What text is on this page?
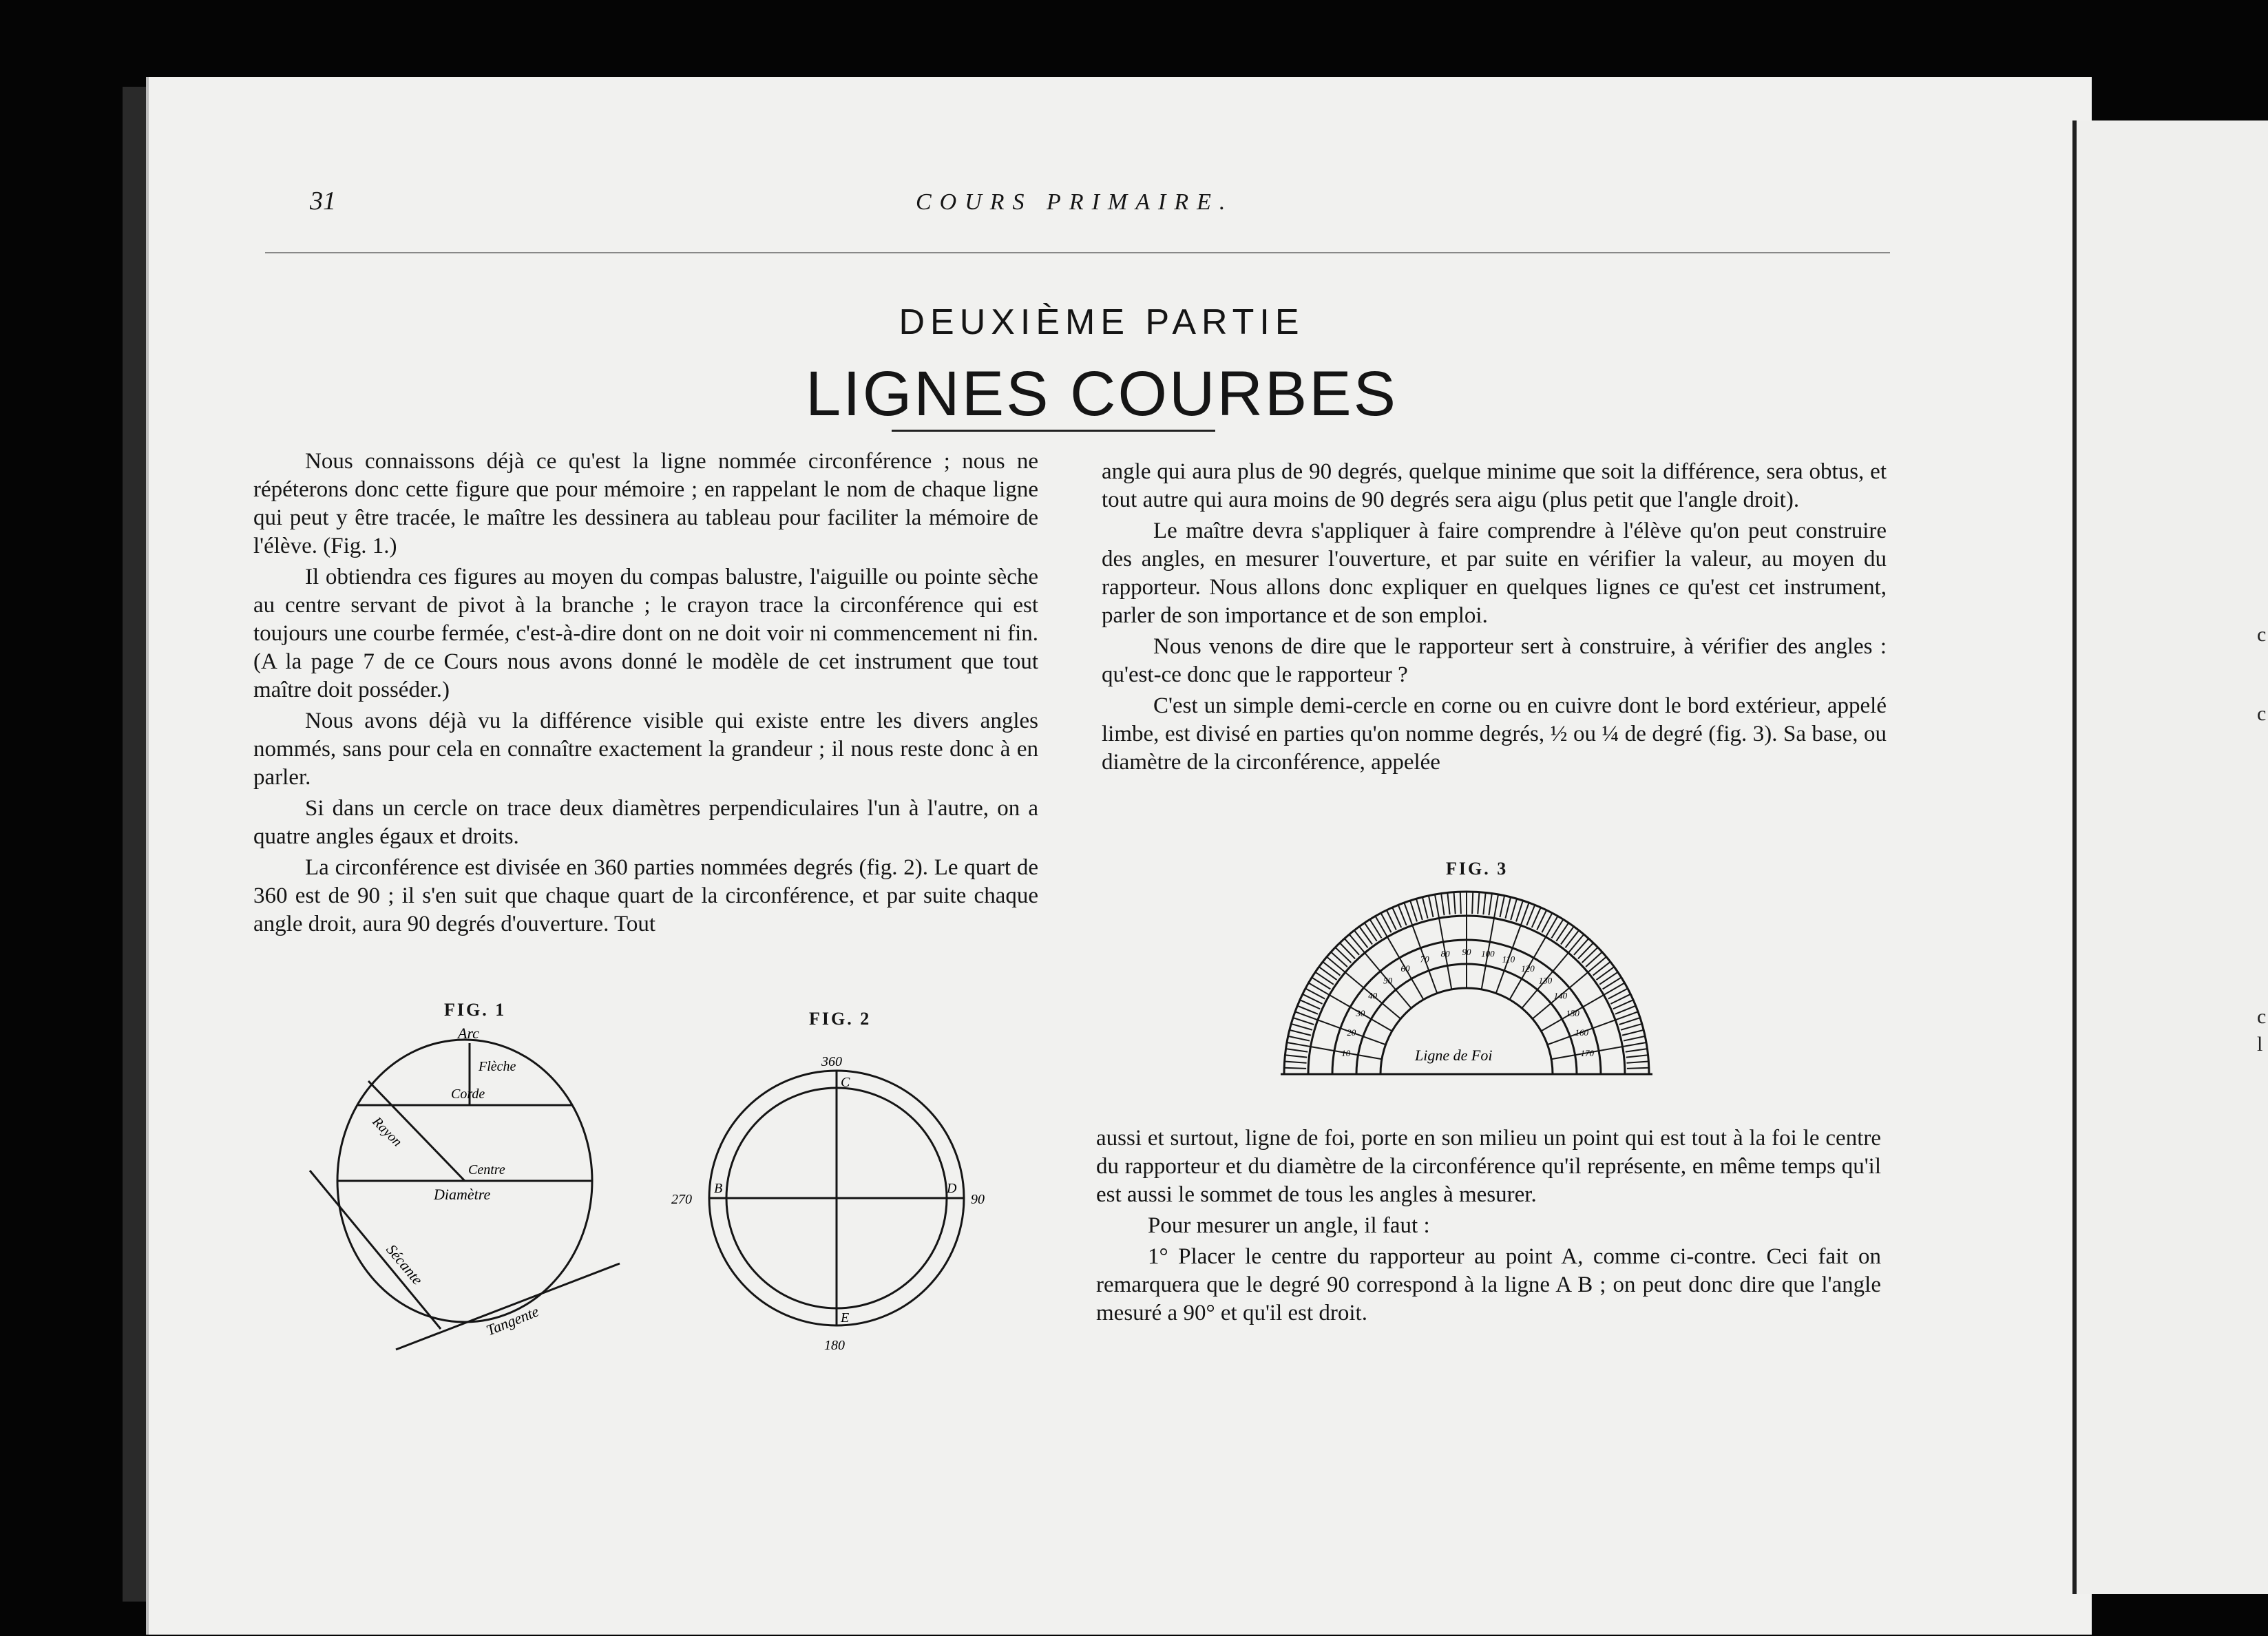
31	COURS PRIMAIRE.
DEUXIÈME PARTIE
LIGNES COURBES

Nous connaissons déjà ce qu'est la ligne nommée circonférence ; nous ne répéterons donc cette figure que pour mémoire ; en rappelant le nom de chaque ligne qui peut y être tracée, le maître les dessinera au tableau pour faciliter la mémoire de l'élève. (Fig. 1.)

Il obtiendra ces figures au moyen du compas balustre, l'aiguille ou pointe sèche au centre servant de pivot à la branche ; le crayon trace la circonférence qui est toujours une courbe fermée, c'est-à-dire dont on ne doit voir ni commencement ni fin. (A la page 7 de ce Cours nous avons donné le modèle de cet instrument que tout maître doit posséder.)

Nous avons déjà vu la différence visible qui existe entre les divers angles nommés, sans pour cela en connaître exactement la grandeur ; il nous reste donc à en parler.

Si dans un cercle on trace deux diamètres perpendiculaires l'un à l'autre, on a quatre angles égaux et droits.

La circonférence est divisée en 360 parties nommées degrés (fig. 2). Le quart de 360 est de 90 ; il s'en suit que chaque quart de la circonférence, et par suite chaque angle droit, aura 90 degrés d'ouverture. Tout

angle qui aura plus de 90 degrés, quelque minime que soit la différence, sera obtus, et tout autre qui aura moins de 90 degrés sera aigu (plus petit que l'angle droit).

Le maître devra s'appliquer à faire comprendre à l'élève qu'on peut construire des angles, en mesurer l'ouverture, et par suite en vérifier la valeur, au moyen du rapporteur. Nous allons donc expliquer en quelques lignes ce qu'est cet instrument, parler de son importance et de son emploi.

Nous venons de dire que le rapporteur sert à construire, à vérifier des angles : qu'est-ce donc que le rapporteur ?

C'est un simple demi-cercle en corne ou en cuivre dont le bord extérieur, appelé limbe, est divisé en parties qu'on nomme degrés, ½ ou ¼ de degré (fig. 3). Sa base, ou diamètre de la circonférence, appelée

aussi et surtout, ligne de foi, porte en son milieu un point qui est tout à la foi le centre du rapporteur et du diamètre de la circonférence qu'il représente, en même temps qu'il est aussi le sommet de tous les angles à mesurer.

Pour mesurer un angle, il faut :

1° Placer le centre du rapporteur au point A, comme ci-contre. Ceci fait on remarquera que le degré 90 correspond à la ligne A B ; on peut donc dire que l'angle mesuré a 90° et qu'il est droit.

FIG. 1
Arc
Flèche
Corde
Rayon
Centre
Diamètre
Sécante
Tangente
FIG. 2
360
270	90
180
C
B	D
E
FIG. 3
10
20
30
40
50
60
70
80 90 100
110
120
130
140
150
160
170
Ligne de Foi
c
c
c
l
